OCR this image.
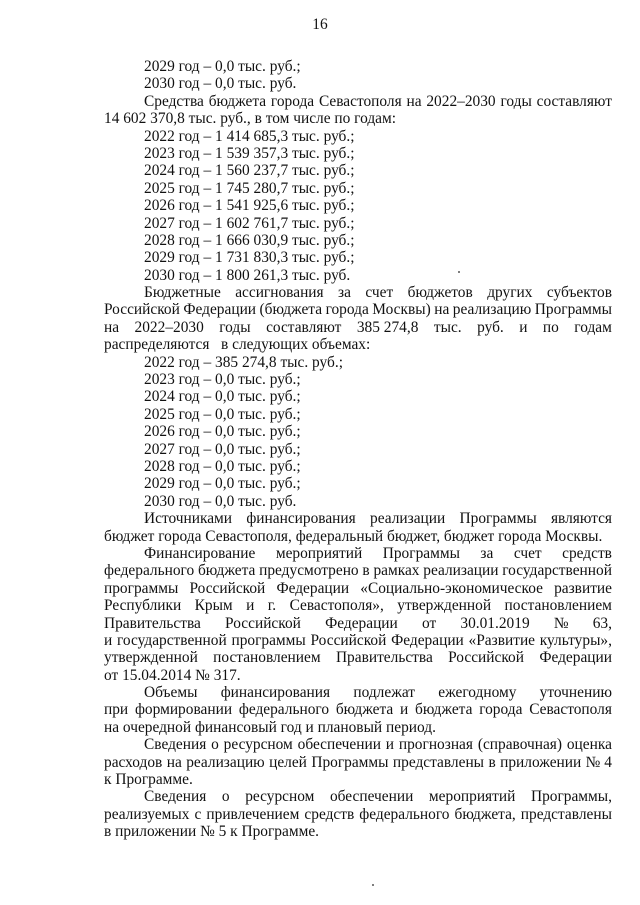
16
2029 год – 0,0 тыс. руб.;
2030 год – 0,0 тыс. руб.
Средства бюджета города Севастополя на 2022–2030 годы составляют
14 602 370,8 тыс. руб., в том числе по годам:
2022 год – 1 414 685,3 тыс. руб.;
2023 год – 1 539 357,3 тыс. руб.;
2024 год – 1 560 237,7 тыс. руб.;
2025 год – 1 745 280,7 тыс. руб.;
2026 год – 1 541 925,6 тыс. руб.;
2027 год – 1 602 761,7 тыс. руб.;
2028 год – 1 666 030,9 тыс. руб.;
2029 год – 1 731 830,3 тыс. руб.;
2030 год – 1 800 261,3 тыс. руб.
Бюджетные ассигнования за счет бюджетов других субъектов
Российской Федерации (бюджета города Москвы) на реализацию Программы
на 2022–2030 годы составляют 385 274,8 тыс. руб. и по годам
распределяются   в следующих объемах:
2022 год – 385 274,8 тыс. руб.;
2023 год – 0,0 тыс. руб.;
2024 год – 0,0 тыс. руб.;
2025 год – 0,0 тыс. руб.;
2026 год – 0,0 тыс. руб.;
2027 год – 0,0 тыс. руб.;
2028 год – 0,0 тыс. руб.;
2029 год – 0,0 тыс. руб.;
2030 год – 0,0 тыс. руб.
Источниками финансирования реализации Программы являются
бюджет города Севастополя, федеральный бюджет, бюджет города Москвы.
Финансирование мероприятий Программы за счет средств
федерального бюджета предусмотрено в рамках реализации государственной
программы Российской Федерации «Социально-экономическое развитие
Республики Крым и г. Севастополя», утвержденной постановлением
Правительства Российской Федерации от 30.01.2019 № 63,
и государственной программы Российской Федерации «Развитие культуры»,
утвержденной постановлением Правительства Российской Федерации
от 15.04.2014 № 317.
Объемы финансирования подлежат ежегодному уточнению
при формировании федерального бюджета и бюджета города Севастополя
на очередной финансовый год и плановый период.
Сведения о ресурсном обеспечении и прогнозная (справочная) оценка
расходов на реализацию целей Программы представлены в приложении № 4
к Программе.
Сведения о ресурсном обеспечении мероприятий Программы,
реализуемых с привлечением средств федерального бюджета, представлены
в приложении № 5 к Программе.
